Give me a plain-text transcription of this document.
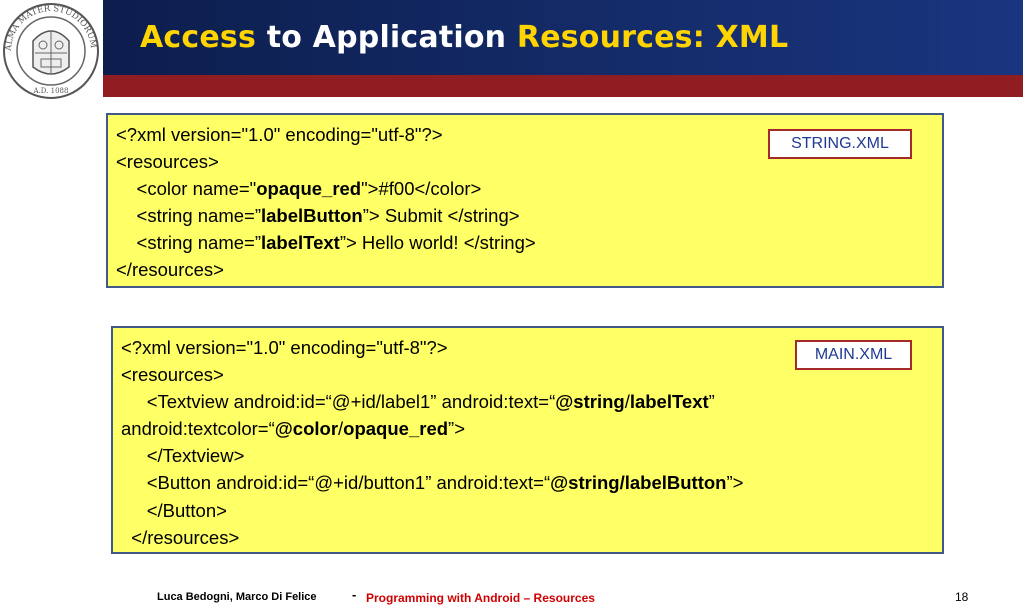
ALMA MATER STUDIORUM
A.D. 1088
Access to Application Resources: XML
<?xml version="1.0" encoding="utf-8"?>
<resources>
<color name="opaque_red">#f00</color>
<string name=”labelButton”> Submit </string>
<string name=”labelText”> Hello world! </string>
</resources>
STRING.XML
<?xml version="1.0" encoding="utf-8"?>
<resources>
<Textview android:id=“@+id/label1” android:text=“@string/labelText”
android:textcolor=“@color/opaque_red”>
</Textview>
<Button android:id=“@+id/button1” android:text=“@string/labelButton”>
</Button>
</resources>
MAIN.XML
Luca Bedogni, Marco Di Felice	- Programming with Android – Resources	18
